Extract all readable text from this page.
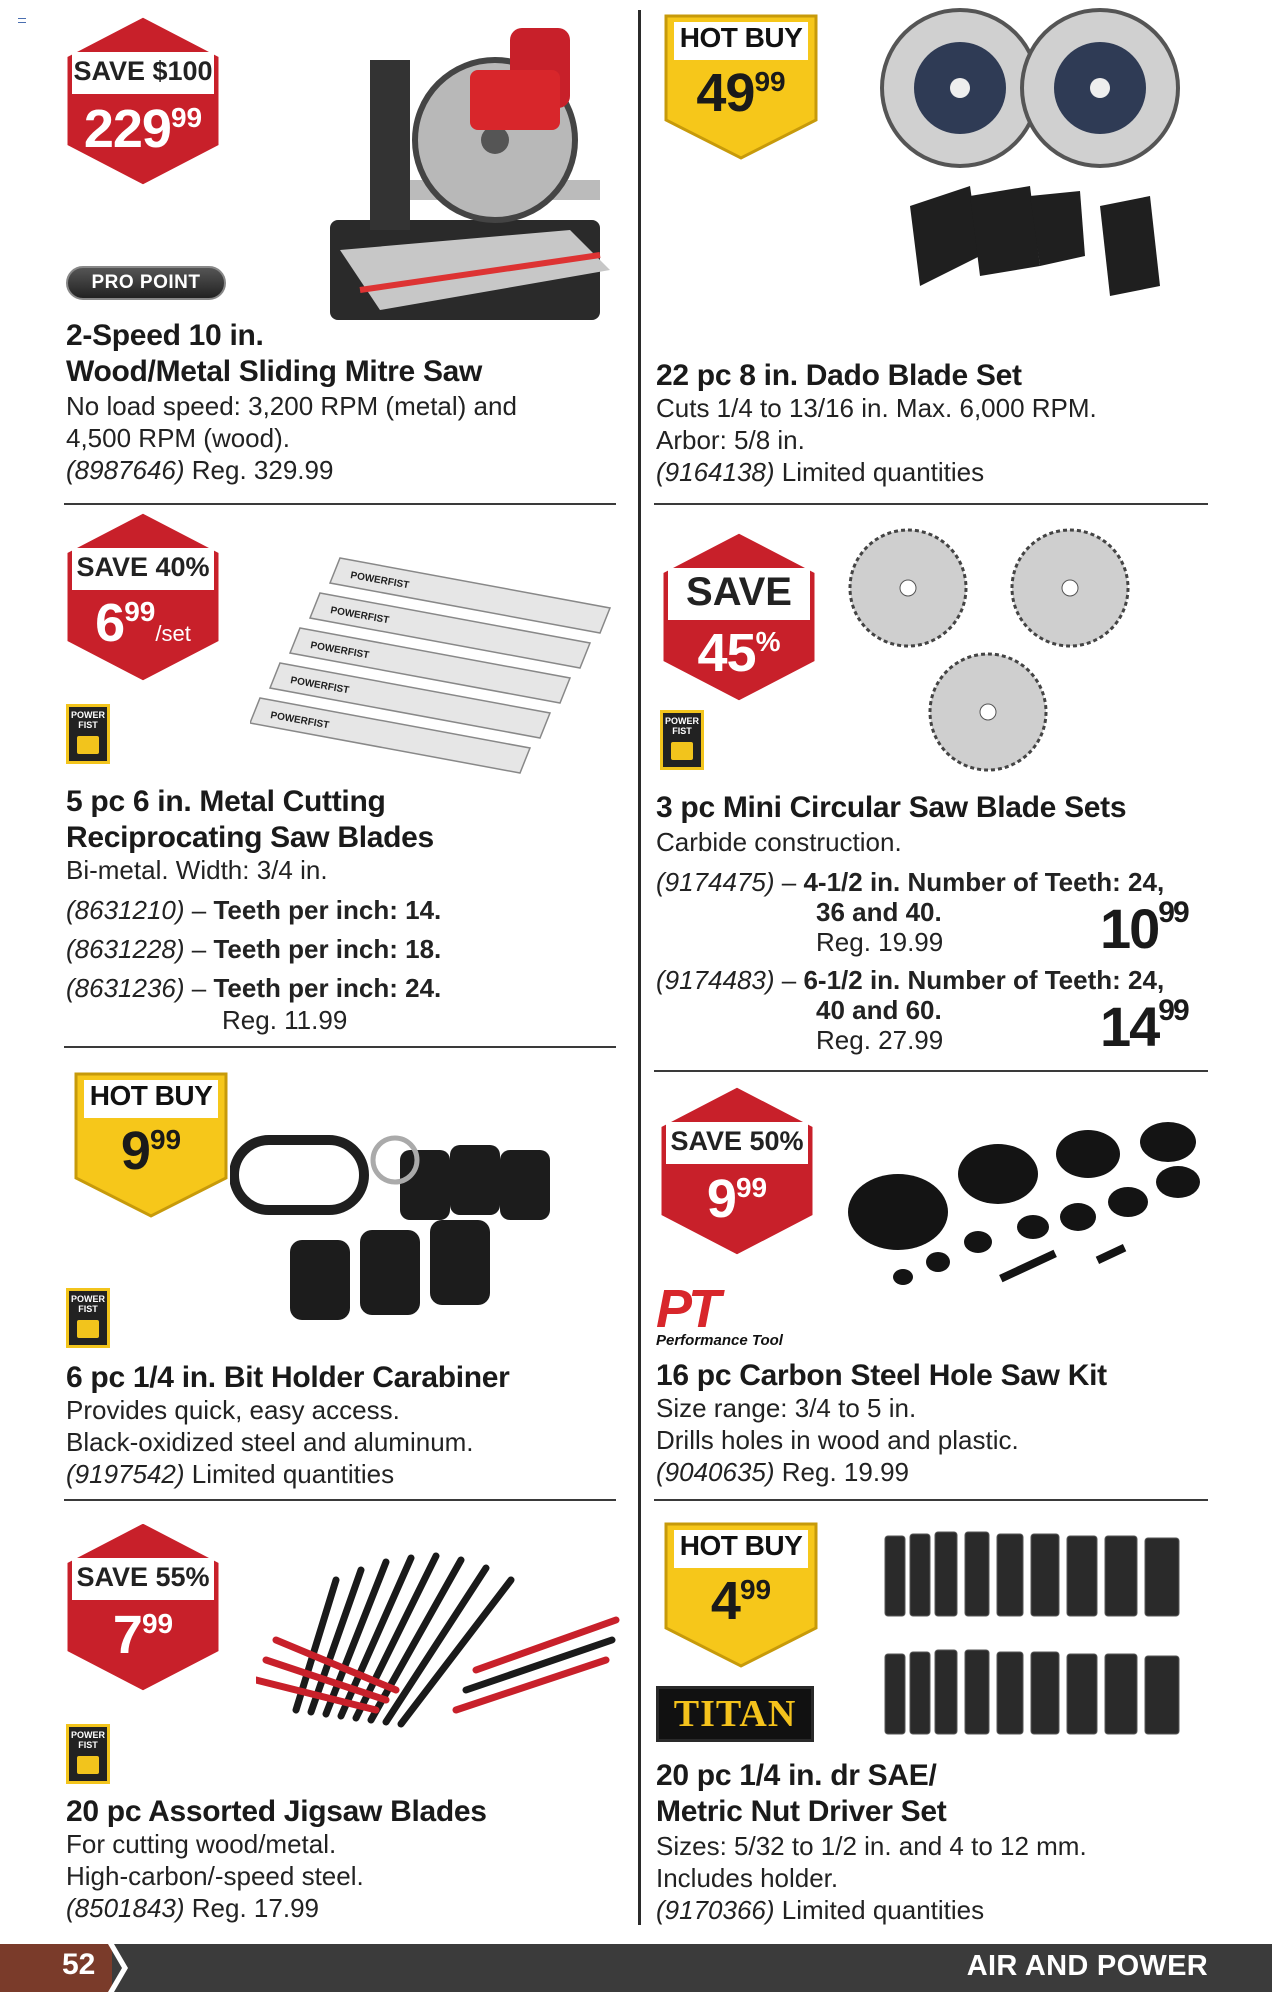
SAVE $100
22999
PRO POINT
2-Speed 10 in.
Wood/Metal Sliding Mitre Saw
No load speed: 3,200 RPM (metal) and
4,500 RPM (wood).
(8987646) Reg. 329.99
HOT BUY
4999
22 pc 8 in. Dado Blade Set
Cuts 1/4 to 13/16 in. Max. 6,000 RPM.
Arbor: 5/8 in.
(9164138) Limited quantities
SAVE 40%
699/set
POWERFIST
POWERFIST
POWERFIST
POWERFIST
POWERFIST
POWER
FIST
5 pc 6 in. Metal Cutting
Reciprocating Saw Blades
Bi-metal. Width: 3/4 in.
(8631210) – Teeth per inch: 14.
(8631228) – Teeth per inch: 18.
(8631236) – Teeth per inch: 24.
Reg. 11.99
SAVE
45%
POWER
FIST
3 pc Mini Circular Saw Blade Sets
Carbide construction.
(9174475) – 4-1/2 in. Number of Teeth: 24,
36 and 40.
Reg. 19.99	$10^{99}$
(9174483) – 6-1/2 in. Number of Teeth: 24,
40 and 60.
Reg. 27.99	$14^{99}$
HOT BUY
999
POWER
FIST
6 pc 1/4 in. Bit Holder Carabiner
Provides quick, easy access.
Black-oxidized steel and aluminum.
(9197542) Limited quantities
SAVE 50%
999
PT
Performance Tool
16 pc Carbon Steel Hole Saw Kit
Size range: 3/4 to 5 in.
Drills holes in wood and plastic.
(9040635) Reg. 19.99
SAVE 55%
799
POWER
FIST
20 pc Assorted Jigsaw Blades
For cutting wood/metal.
High-carbon/-speed steel.
(8501843) Reg. 17.99
HOT BUY
499
TITAN
20 pc 1/4 in. dr SAE/
Metric Nut Driver Set
Sizes: 5/32 to 1/2 in. and 4 to 12 mm.
Includes holder.
(9170366) Limited quantities
52	AIR AND POWER
